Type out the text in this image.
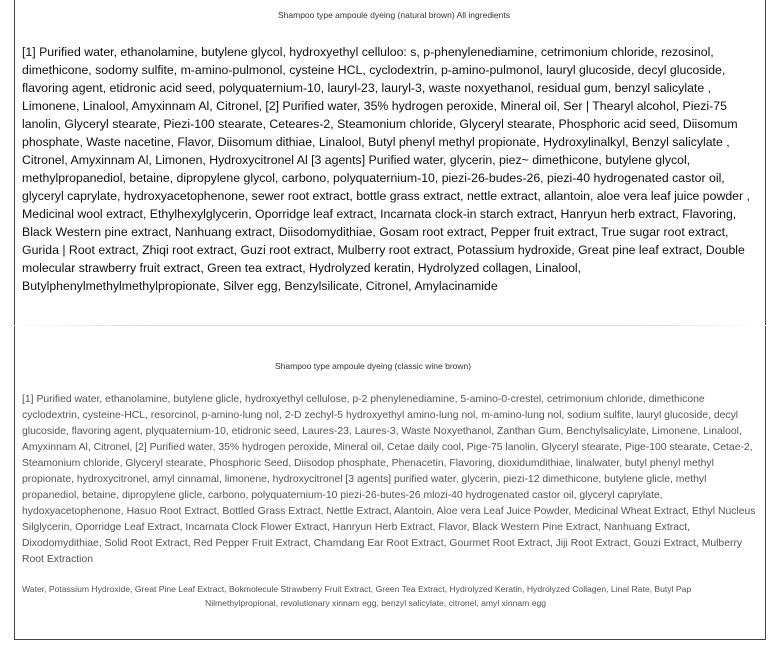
Shampoo type ampoule dyeing (natural brown) All ingredients
[1] Purified water, ethanolamine, butylene glycol, hydroxyethyl celluloo: s, p-phenylenediamine, cetrimonium chloride, rezosinol, dimethicone, sodomy sulfite, m-amino-pulmonol, cysteine HCL, cyclodextrin, p-amino-pulmonol, lauryl glucoside, decyl glucoside, flavoring agent, etidronic acid seed, polyquaternium-10, lauryl-23, lauryl-3, waste noxyethanol, residual gum, benzyl salicylate , Limonene, Linalool, Amyxinnam Al, Citronel, [2] Purified water, 35% hydrogen peroxide, Mineral oil, Ser | Thearyl alcohol, Piezi-75 lanolin, Glyceryl stearate, Piezi-100 stearate, Ceteares-2, Steamonium chloride, Glyceryl stearate, Phosphoric acid seed, Diisomum phosphate, Waste nacetine, Flavor, Diisomum dithiae, Linalool, Butyl phenyl methyl propionate, Hydroxylinalkyl, Benzyl salicylate , Citronel, Amyxinnam Al, Limonen, Hydroxycitronel Al [3 agents] Purified water, glycerin, piez~ dimethicone, butylene glycol, methylpropanediol, betaine, dipropylene glycol, carbono, polyquaternium-10, piezi-26-budes-26, piezi-40 hydrogenated castor oil, glyceryl caprylate, hydroxyacetophenone, sewer root extract, bottle grass extract, nettle extract, allantoin, aloe vera leaf juice powder , Medicinal wool extract, Ethylhexylglycerin, Oporridge leaf extract, Incarnata clock-in starch extract, Hanryun herb extract, Flavoring, Black Western pine extract, Nanhuang extract, Diisodomydithiae, Gosam root extract, Pepper fruit extract, True sugar root extract, Gurida | Root extract, Zhiqi root extract, Guzi root extract, Mulberry root extract, Potassium hydroxide, Great pine leaf extract, Double molecular strawberry fruit extract, Green tea extract, Hydrolyzed keratin, Hydrolyzed collagen, Linalool, Butylphenylmethylmethylpropionate, Silver egg, Benzylsilicate, Citronel, Amylacinamide
Shampoo type ampoule dyeing (classic wine brown)
[1] Purified water, ethanolamine, butylene glicle, hydroxyethyl cellulose, p-2 phenylenediamine, 5-amino-0-crestel, cetrimonium chloride, dimethicone cyclodextrin, cysteine-HCL, resorcinol, p-amino-lung nol, 2-D zechyl-5 hydroxyethyl amino-lung nol, m-amino-lung nol, sodium sulfite, lauryl glucoside, decyl glucoside, flavoring agent, plyquaternium-10, etidronic seed, Laures-23, Laures-3, Waste Noxyethanol, Zanthan Gum, Benchylsalicylate, Limonene, Linalool, Amyxinnam Al, Citronel, [2] Purified water, 35% hydrogen peroxide, Mineral oil, Cetae daily cool, Pige-75 lanolin, Glyceryl stearate, Pige-100 stearate, Cetae-2, Steamonium chloride, Glyceryl stearate, Phosphoric Seed, Diisodop phosphate, Phenacetin, Flavoring, dioxidumdithiae, linalwater, butyl phenyl methyl propionate, hydroxycitronel, amyl cinnamal, limonene, hydroxycitronel [3 agents] purified water, glycerin, piezi-12 dimethicone, butylene glicle, methyl propanediol, betaine, dipropylene glicle, carbono, polyquaternium-10 piezi-26-butes-26 mlozi-40 hydrogenated castor oil, glyceryl caprylate, hydoxyacetophenone, Hasuo Root Extract, Bottled Grass Extract, Nettle Extract, Alantoin, Aloe vera Leaf Juice Powder, Medicinal Wheat Extract, Ethyl Nucleus Silglycerin, Oporridge Leaf Extract, Incarnata Clock Flower Extract, Hanryun Herb Extract, Flavor, Black Western Pine Extract, Nanhuang Extract, Dixodomydithiae, Solid Root Extract, Red Pepper Fruit Extract, Chamdang Ear Root Extract, Gourmet Root Extract, Jiji Root Extract, Gouzi Extract, Mulberry Root Extraction
Water, Potassium Hydroxide, Great Pine Leaf Extract, Bokmolecule Strawberry Fruit Extract, Green Tea Extract, Hydrolyzed Keratin, Hydrolyzed Collagen, Linal Rate, Butyl Pap
Nilmethylpropional, revolutionary xinnam egg, benzyl salicylate, citronel, amyl xinnam egg
